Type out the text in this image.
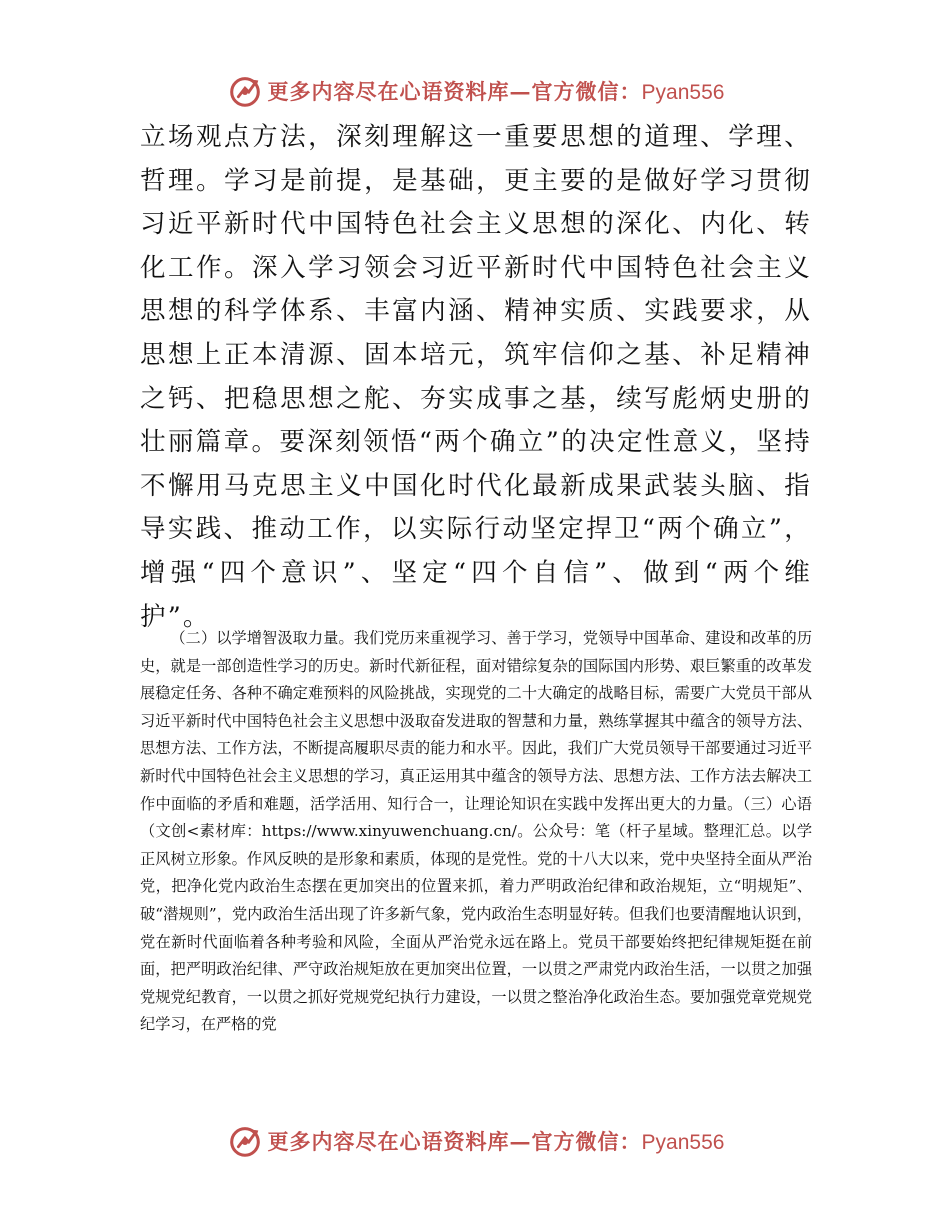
更多内容尽在心语资料库—官方微信：Pyan556

立场观点方法，深刻理解这一重要思想的道理、学理、哲理。学习是前提，是基础，更主要的是做好学习贯彻习近平新时代中国特色社会主义思想的深化、内化、转化工作。深入学习领会习近平新时代中国特色社会主义思想的科学体系、丰富内涵、精神实质、实践要求，从思想上正本清源、固本培元，筑牢信仰之基、补足精神之钙、把稳思想之舵、夯实成事之基，续写彪炳史册的壮丽篇章。要深刻领悟“两个确立”的决定性意义，坚持不懈用马克思主义中国化时代化最新成果武装头脑、指导实践、推动工作，以实际行动坚定捍卫“两个确立”，增强“四个意识”、坚定“四个自信”、做到“两个维护”。

（二）以学增智汲取力量。我们党历来重视学习、善于学习，党领导中国革命、建设和改革的历史，就是一部创造性学习的历史。新时代新征程，面对错综复杂的国际国内形势、艰巨繁重的改革发展稳定任务、各种不确定难预料的风险挑战，实现党的二十大确定的战略目标，需要广大党员干部从习近平新时代中国特色社会主义思想中汲取奋发进取的智慧和力量，熟练掌握其中蕴含的领导方法、思想方法、工作方法，不断提高履职尽责的能力和水平。因此，我们广大党员领导干部要通过习近平新时代中国特色社会主义思想的学习，真正运用其中蕴含的领导方法、思想方法、工作方法去解决工作中面临的矛盾和难题，活学活用、知行合一，让理论知识在实践中发挥出更大的力量。（三）心语（文创<素材库：https://www.xinyuwenchuang.cn/。公众号：笔（杆子星域。整理汇总。以学正风树立形象。作风反映的是形象和素质，体现的是党性。党的十八大以来，党中央坚持全面从严治党，把净化党内政治生态摆在更加突出的位置来抓，着力严明政治纪律和政治规矩，立“明规矩”、破“潜规则”，党内政治生活出现了许多新气象，党内政治生态明显好转。但我们也要清醒地认识到，党在新时代面临着各种考验和风险，全面从严治党永远在路上。党员干部要始终把纪律规矩挺在前面，把严明政治纪律、严守政治规矩放在更加突出位置，一以贯之严肃党内政治生活，一以贯之加强党规党纪教育，一以贯之抓好党规党纪执行力建设，一以贯之整治净化政治生态。要加强党章党规党纪学习，在严格的党

更多内容尽在心语资料库—官方微信：Pyan556
